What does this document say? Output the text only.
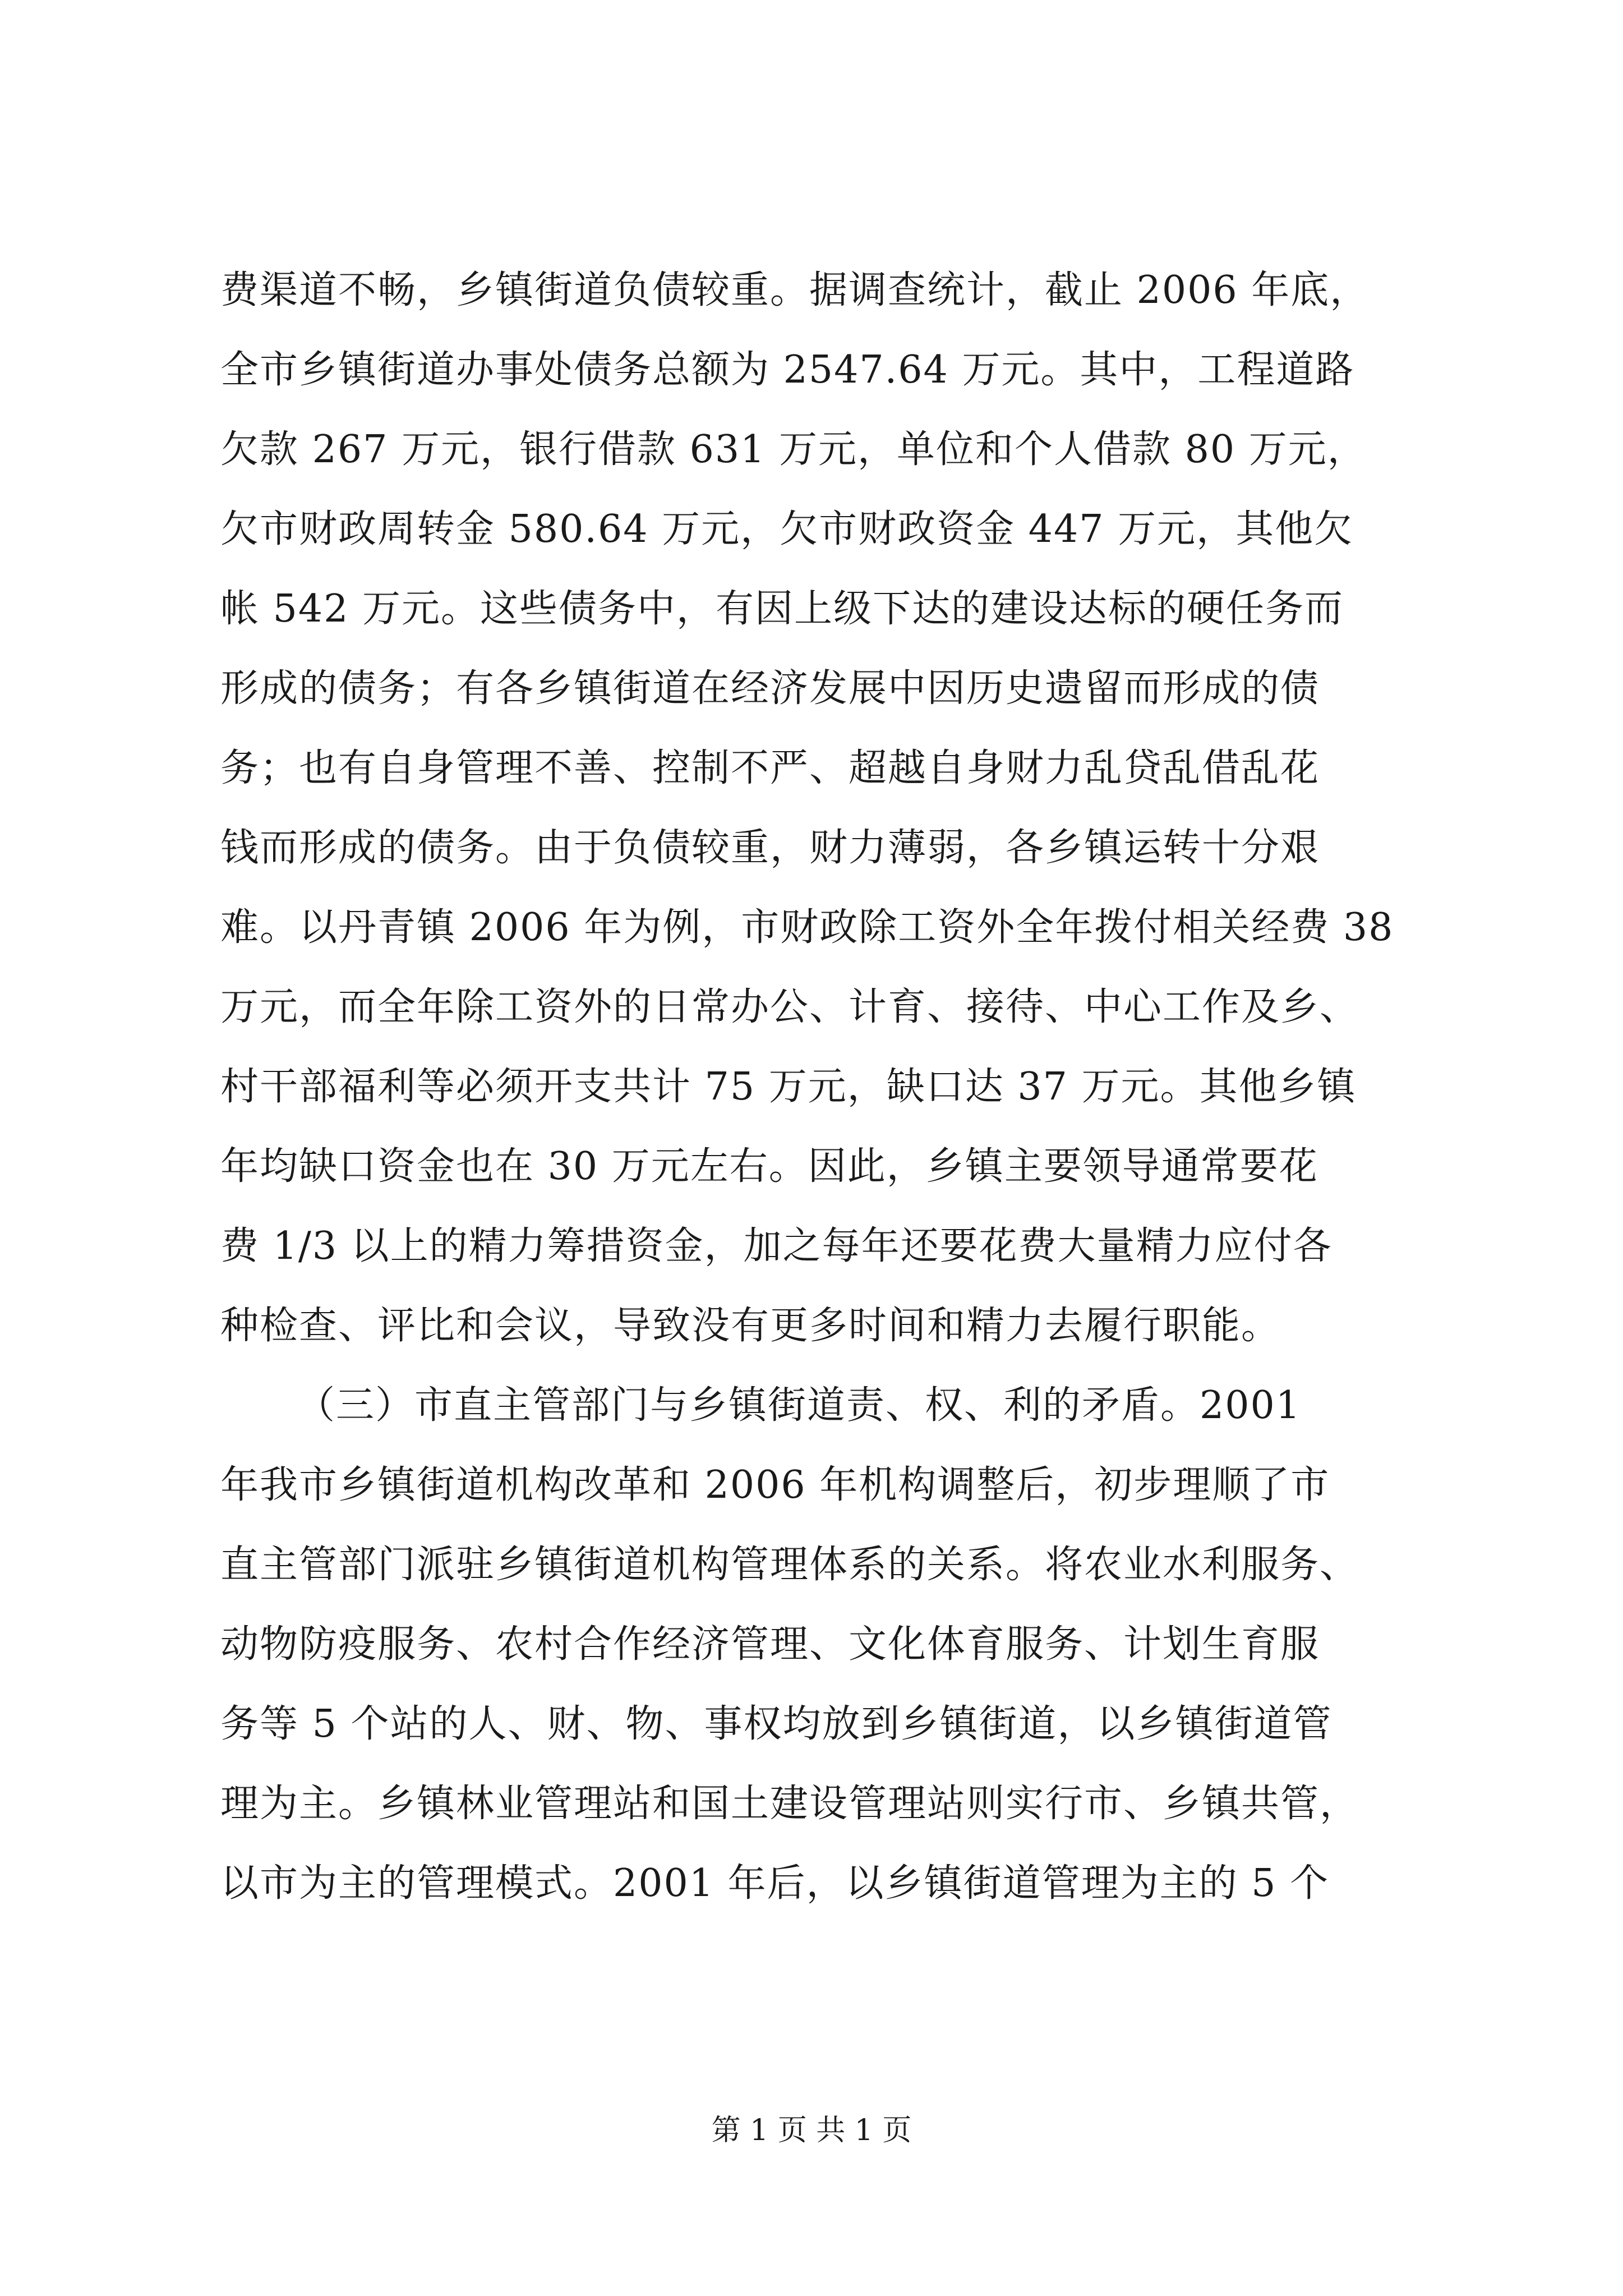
费渠道不畅，乡镇街道负债较重。据调查统计，截止 2006 年底，
全市乡镇街道办事处债务总额为 2547.64 万元。其中，工程道路
欠款 267 万元，银行借款 631 万元，单位和个人借款 80 万元，
欠市财政周转金 580.64 万元，欠市财政资金 447 万元，其他欠
帐 542 万元。这些债务中，有因上级下达的建设达标的硬任务而
形成的债务；有各乡镇街道在经济发展中因历史遗留而形成的债
务；也有自身管理不善、控制不严、超越自身财力乱贷乱借乱花
钱而形成的债务。由于负债较重，财力薄弱，各乡镇运转十分艰
难。以丹青镇 2006 年为例，市财政除工资外全年拨付相关经费 38
万元，而全年除工资外的日常办公、计育、接待、中心工作及乡、
村干部福利等必须开支共计 75 万元，缺口达 37 万元。其他乡镇
年均缺口资金也在 30 万元左右。因此，乡镇主要领导通常要花
费 1/3 以上的精力筹措资金，加之每年还要花费大量精力应付各
种检查、评比和会议，导致没有更多时间和精力去履行职能。
（三）市直主管部门与乡镇街道责、权、利的矛盾。2001
年我市乡镇街道机构改革和 2006 年机构调整后，初步理顺了市
直主管部门派驻乡镇街道机构管理体系的关系。将农业水利服务、
动物防疫服务、农村合作经济管理、文化体育服务、计划生育服
务等 5 个站的人、财、物、事权均放到乡镇街道，以乡镇街道管
理为主。乡镇林业管理站和国土建设管理站则实行市、乡镇共管，
以市为主的管理模式。2001 年后，以乡镇街道管理为主的 5 个
第 1 页 共 1 页
